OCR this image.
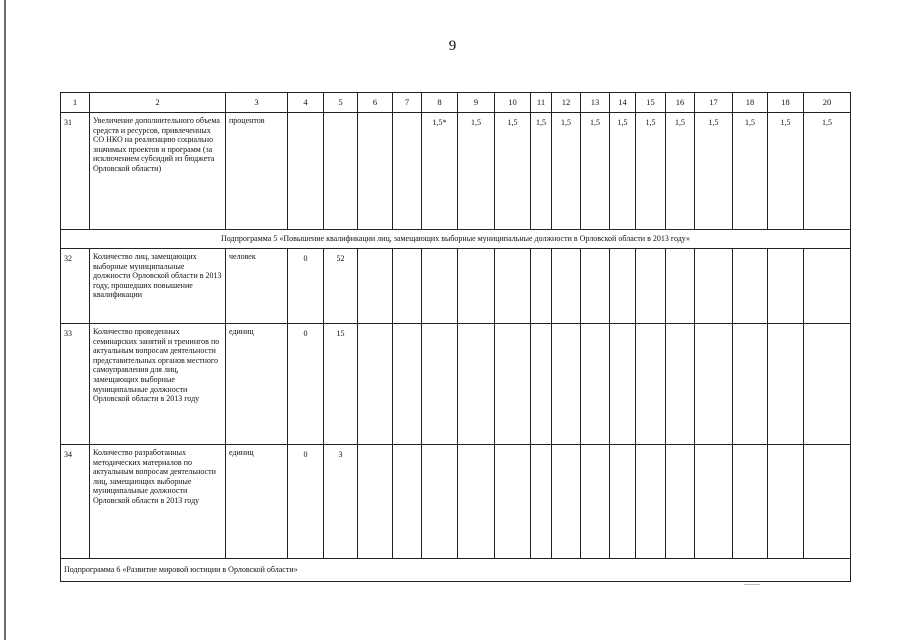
9
1	2	3	4	5	6	7	8	9	10	11	12	13	14	15	16	17	18	18	20
31	Увеличение дополнительного объема средств и ресурсов, привлеченных СО НКО на реализацию социально значимых проектов и программ (за исключением субсидий из бюджета Орловской области)	процентов					1,5*	1,5	1,5	1,5	1,5	1,5	1,5	1,5	1,5	1,5	1,5	1,5	1,5
Подпрограмма 5 «Повышение квалификации лиц, замещающих выборные муниципальные должности в Орловской области в 2013 году»																			
32	Количество лиц, замещающих выборные муниципальные должности Орловской области в 2013 году, прошедших повышение квалификации	человек	0	52															
33	Количество проведенных семинарских занятий и тренингов по актуальным вопросам деятельности представительных органов местного самоуправления для лиц, замещающих выборные муниципальные должности Орловской области в 2013 году	единиц	0	15															
34	Количество разработанных методических материалов по актуальным вопросам деятельности лиц, замещающих выборные муниципальные должности Орловской области в 2013 году	единиц	0	3															
Подпрограмма 6 «Развитие мировой юстиции в Орловской области»																			
